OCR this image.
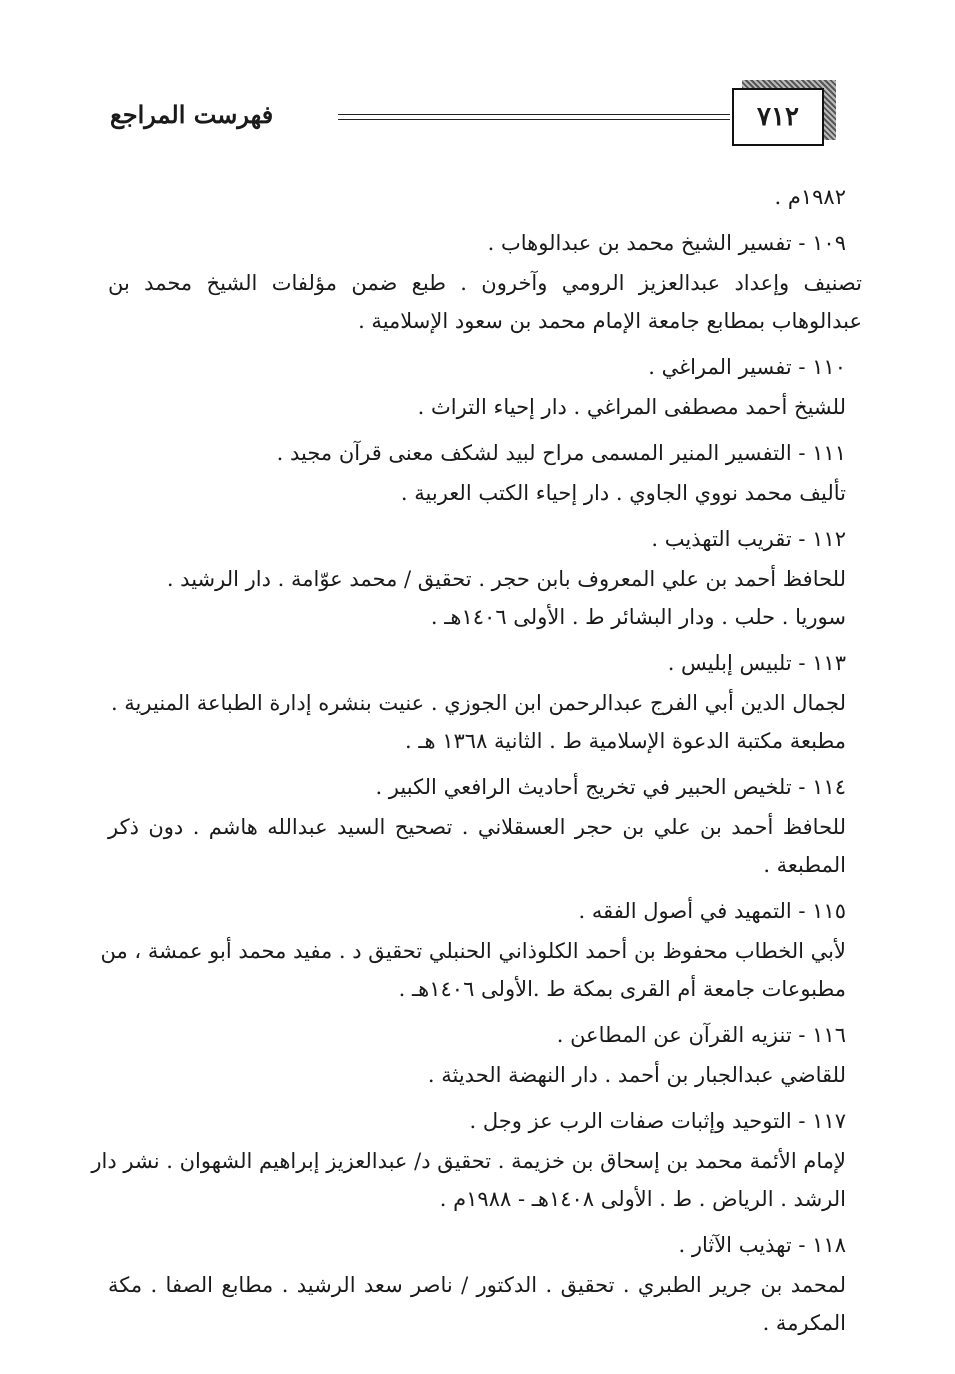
٧١٢
فهرست المراجع
١٩٨٢م .
١٠٩ - تفسير الشيخ محمد بن عبدالوهاب .
تصنيف وإعداد عبدالعزيز الرومي وآخرون . طبع ضمن مؤلفات الشيخ محمد بن
عبدالوهاب بمطابع جامعة الإمام محمد بن سعود الإسلامية .
١١٠ - تفسير المراغي .
للشيخ أحمد مصطفى المراغي . دار إحياء التراث .
١١١ - التفسير المنير المسمى مراح لبيد لشكف معنى قرآن مجيد .
تأليف محمد نووي الجاوي . دار إحياء الكتب العربية .
١١٢ - تقريب التهذيب .
للحافظ أحمد بن علي المعروف بابن حجر . تحقيق / محمد عوّامة . دار الرشيد .
سوريا . حلب . ودار البشائر ط . الأولى ١٤٠٦هـ .
١١٣ - تلبيس إبليس .
لجمال الدين أبي الفرج عبدالرحمن ابن الجوزي . عنيت بنشره إدارة الطباعة المنيرية .
مطبعة مكتبة الدعوة الإسلامية ط . الثانية ١٣٦٨ هـ .
١١٤ - تلخيص الحبير في تخريج أحاديث الرافعي الكبير .
للحافظ أحمد بن علي بن حجر العسقلاني . تصحيح السيد عبدالله هاشم . دون ذكر
المطبعة .
١١٥ - التمهيد في أصول الفقه .
لأبي الخطاب محفوظ بن أحمد الكلوذاني الحنبلي تحقيق د . مفيد محمد أبو عمشة ، من
مطبوعات جامعة أم القرى بمكة ط .الأولى ١٤٠٦هـ .
١١٦ - تنزيه القرآن عن المطاعن .
للقاضي عبدالجبار بن أحمد . دار النهضة الحديثة .
١١٧ - التوحيد وإثبات صفات الرب عز وجل .
لإمام الأئمة محمد بن إسحاق بن خزيمة . تحقيق د/ عبدالعزيز إبراهيم الشهوان . نشر دار
الرشد . الرياض . ط . الأولى ١٤٠٨هـ - ١٩٨٨م .
١١٨ - تهذيب الآثار .
لمحمد بن جرير الطبري . تحقيق . الدكتور / ناصر سعد الرشيد . مطابع الصفا . مكة
المكرمة .
